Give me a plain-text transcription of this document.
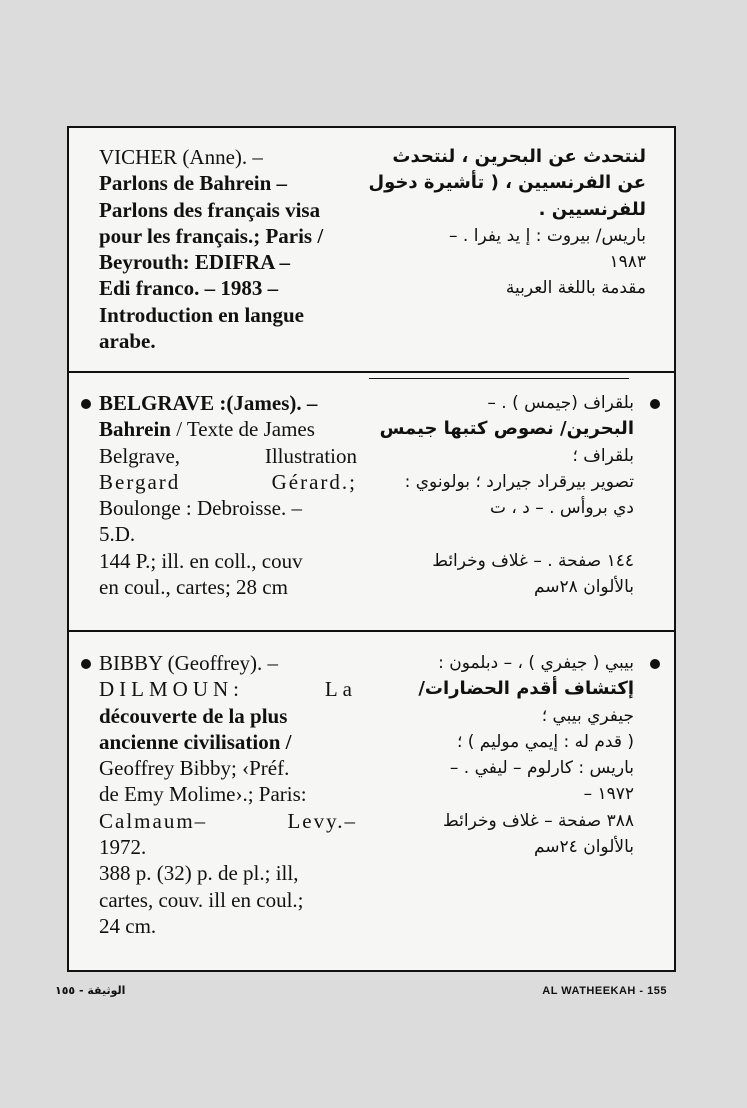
VICHER (Anne). –
Parlons de Bahrein –
Parlons des français visa
pour les français.; Paris /
Beyrouth: EDIFRA –
Edi franco. – 1983 –
Introduction en langue
arabe.
لنتحدث عن البحرين ، لنتحدث
عن الفرنسيين ، ( تأشيرة دخول
للفرنسيين .
باريس/ بيروت : إ يد يفرا . –
١٩٨٣
مقدمة باللغة العربية
BELGRAVE :(James). –
Bahrein / Texte de James
Belgrave, Illustration
Bergard Gérard.;
Boulonge : Debroisse. –
5.D.
144 P.; ill. en coll., couv
en coul., cartes; 28 cm
بلقراف (جيمس ) . –
البحرين/ نصوص كتبها جيمس
بلقراف ؛
تصوير بيرقراد جيرارد ؛ بولونوي :
دي بروأس . – د ، ت

١٤٤ صفحة . – غلاف وخرائط
بالألوان ٢٨سم
BIBBY (Geoffrey). –
DILMOUN: La
découverte de la plus
ancienne civilisation /
Geoffrey Bibby; ‹Préf.
de Emy Molime›.; Paris:
Calmaum– Levy.–
1972.
388 p. (32) p. de pl.; ill,
cartes, couv. ill en coul.;
24 cm.
بيبي ( جيفري ) ، – دبلمون :
إكتشاف أقدم الحضارات/
جيفري بيبي ؛
( قدم له : إيمي موليم ) ؛
باريس : كارلوم – ليفي . –
١٩٧٢ –
٣٨٨ صفحة – غلاف وخرائط
بالألوان ٢٤سم
الوثيقة - ١٥٥	AL WATHEEKAH - 155
